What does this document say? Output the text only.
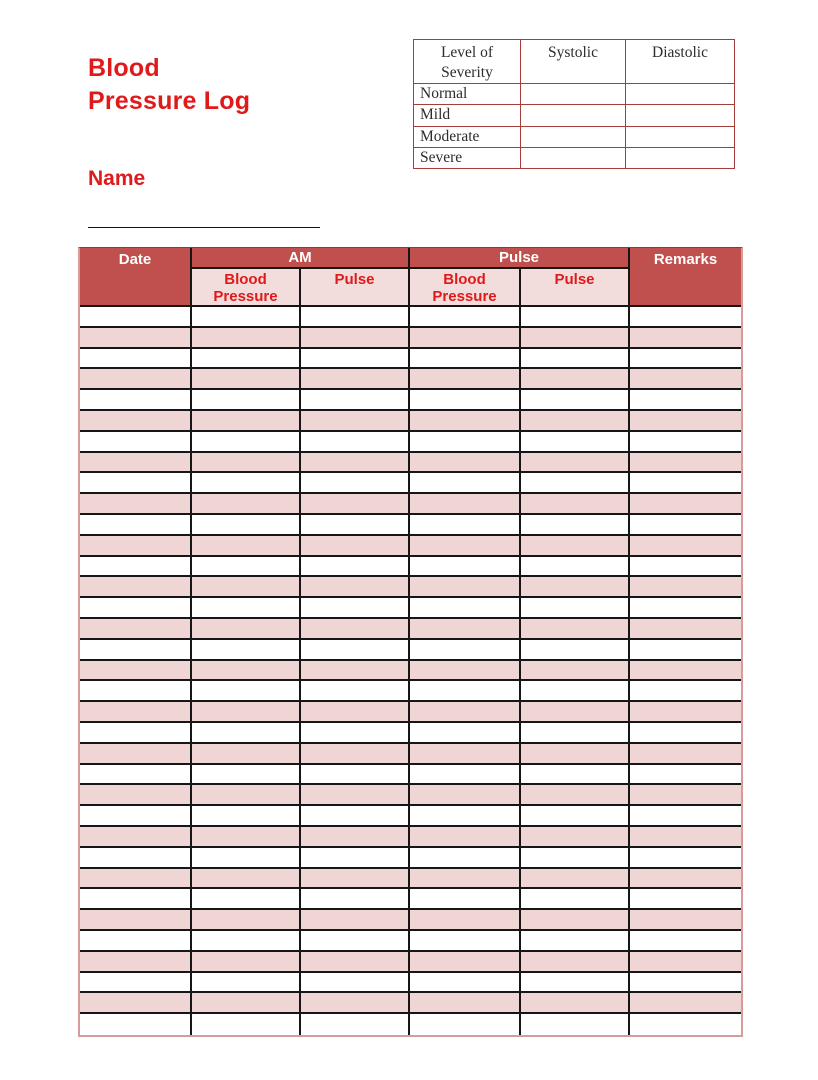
Blood
Pressure Log
Level of Severity	Systolic	Diastolic
Normal		
Mild		
Moderate		
Severe		
Name
Date	AM		Pulse		Remarks
	Blood Pressure	Pulse	Blood Pressure	Pulse	
